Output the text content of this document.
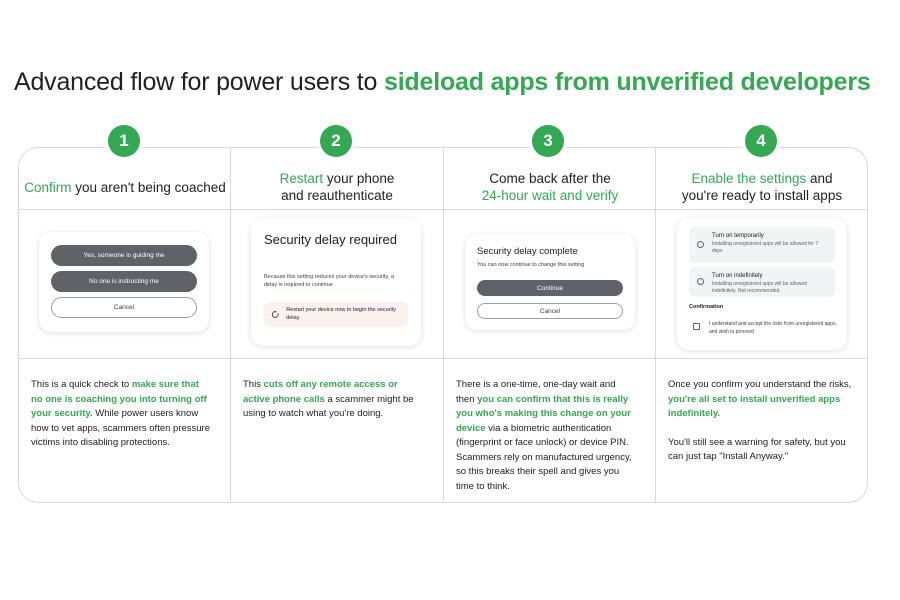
Advanced flow for power users to sideload apps from unverified developers
1	2	3	4
Confirm you aren't being coached
Restart your phone and reauthenticate
Come back after the
24-hour wait and verify
Enable the settings and you're ready to install apps
Yes, someone is guiding me
No one is instructing me
Cancel
Security delay required
Because this setting reduces your device's security, a delay is required to continue
Restart your device now to begin the security delay
Security delay complete
You can now continue to change this setting
Continue
Cancel
Turn on temporarily
Installing unregistered apps will be allowed for 7 days
Turn on indefinitely
Installing unregistered apps will be allowed indefinitely. Not recommended.
Confirmation
I understand and accept the risks from unregistered apps, and wish to proceed
This is a quick check to make sure that no one is coaching you into turning off your security. While power users know how to vet apps, scammers often pressure victims into disabling protections.
This cuts off any remote access or active phone calls a scammer might be using to watch what you're doing.
There is a one-time, one-day wait and then you can confirm that this is really you who's making this change on your device via a biometric authentication (fingerprint or face unlock) or device PIN. Scammers rely on manufactured urgency, so this breaks their spell and gives you time to think.
Once you confirm you understand the risks, you're all set to install unverified apps indefinitely.
You'll still see a warning for safety, but you can just tap "Install Anyway."
